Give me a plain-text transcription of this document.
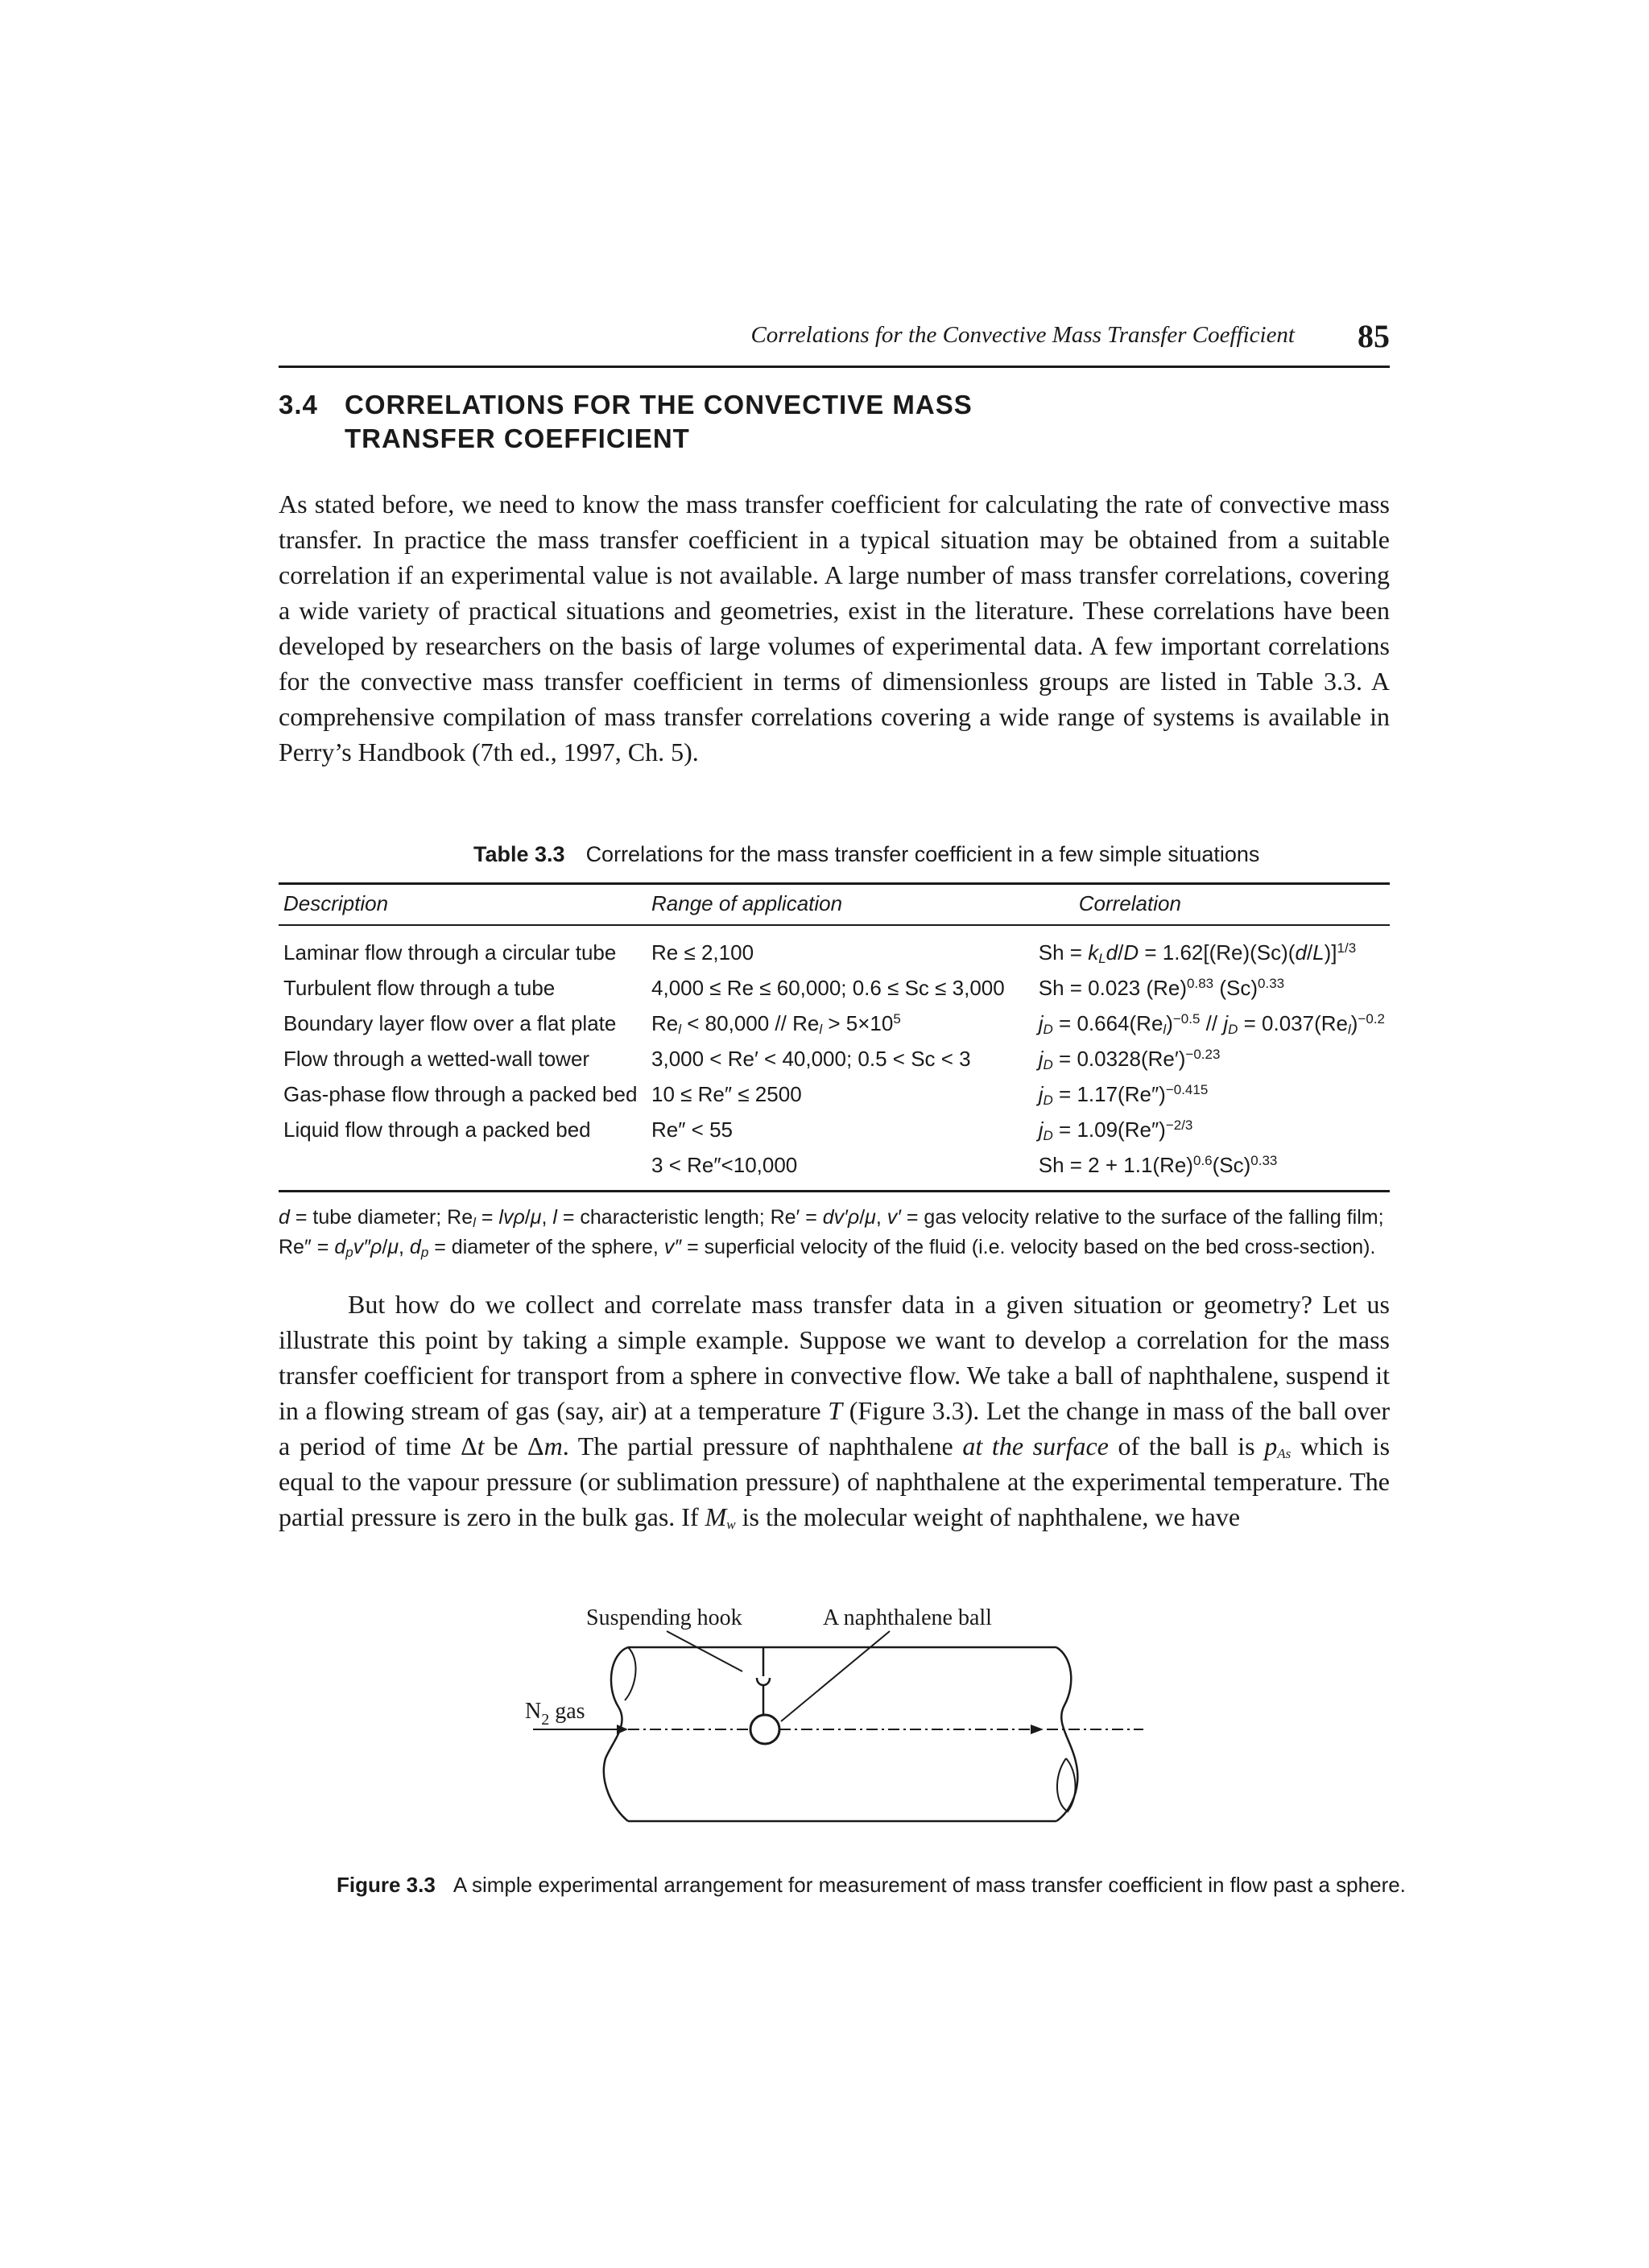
Correlations for the Convective Mass Transfer Coefficient 85
3.4 CORRELATIONS FOR THE CONVECTIVE MASS
TRANSFER COEFFICIENT

As stated before, we need to know the mass transfer coefficient for calculating the rate of convective mass transfer. In practice the mass transfer coefficient in a typical situation may be obtained from a suitable correlation if an experimental value is not available. A large number of mass transfer correlations, covering a wide variety of practical situations and geometries, exist in the literature. These correlations have been developed by researchers on the basis of large volumes of experimental data. A few important correlations for the convective mass transfer coefficient in terms of dimensionless groups are listed in Table 3.3. A comprehensive compilation of mass transfer correlations covering a wide range of systems is available in Perry’s Handbook (7th ed., 1997, Ch. 5).

Table 3.3 Correlations for the mass transfer coefficient in a few simple situations
Description	Range of application	Correlation
Laminar flow through a circular tube	Re ≤ 2,100	$Sh = k_Ld/D = 1.62[(Re)(Sc)(d/L)]^{1/3}$
Turbulent flow through a tube	4,000 ≤ Re ≤ 60,000; 0.6 ≤ Sc ≤ 3,000	Sh = 0.023 $(Re)^{0.83}$ $(Sc)^{0.33}$
Boundary layer flow over a flat plate	$Re_l < 80,000 // Re_l > 5\times 10^5$	$j_D = 0.664(Re_l)^{-0.5} // j_D = 0.037(Re_l)^{-0.2}$
Flow through a wetted-wall tower	3,000 < Re′ < 40,000; 0.5 < Sc < 3	$j_D = 0.0328(Re')^{-0.23}$
Gas-phase flow through a packed bed	10 ≤ Re″ ≤ 2500	$j_D = 1.17(Re'')^{-0.415}$
Liquid flow through a packed bed	Re″ < 55	$j_D = 1.09(Re'')^{-2/3}$
	3 < Re″<10,000	$Sh = 2 + 1.1(Re)^{0.6}(Sc)^{0.33}$
d = tube diameter; $Re_l = lv\rho/\mu$, l = characteristic length; Re′ = dv′ρ/μ, v′ = gas velocity relative to the surface of the falling film;
$Re'' = d_pv''\rho/\mu$, $d_p$ = diameter of the sphere, v″ = superficial velocity of the fluid (i.e. velocity based on the bed cross-section).

But how do we collect and correlate mass transfer data in a given situation or geometry? Let us illustrate this point by taking a simple example. Suppose we want to develop a correlation for the mass transfer coefficient for transport from a sphere in convective flow. We take a ball of naphthalene, suspend it in a flowing stream of gas (say, air) at a temperature T (Figure 3.3). Let the change in mass of the ball over a period of time Δt be Δm. The partial pressure of naphthalene at the surface of the ball is $p_{As}$ which is equal to the vapour pressure (or sublimation pressure) of naphthalene at the experimental temperature. The partial pressure is zero in the bulk gas. If $M_w$ is the molecular weight of naphthalene, we have

Suspending hook	A naphthalene ball
$N_2$ gas
Figure 3.3 A simple experimental arrangement for measurement of mass transfer coefficient in flow past a sphere.
